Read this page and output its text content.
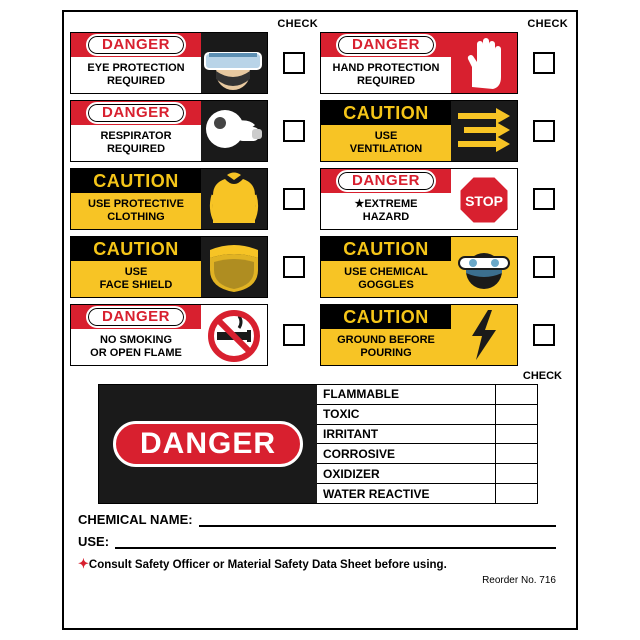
CHECK	CHECK
DANGER
EYE PROTECTION
REQUIRED
DANGER
HAND PROTECTION
REQUIRED
DANGER
RESPIRATOR
REQUIRED
CAUTION
USE
VENTILATION
CAUTION
USE PROTECTIVE
CLOTHING
DANGER
★EXTREME
HAZARD
STOP
CAUTION
USE
FACE SHIELD
CAUTION
USE CHEMICAL
GOGGLES
DANGER
NO SMOKING
OR OPEN FLAME
CAUTION
GROUND BEFORE
POURING
CHECK
DANGER
FLAMMABLE
TOXIC
IRRITANT
CORROSIVE
OXIDIZER
WATER REACTIVE
CHEMICAL NAME:
USE:
✦Consult Safety Officer or Material Safety Data Sheet before using.
Reorder No. 716
